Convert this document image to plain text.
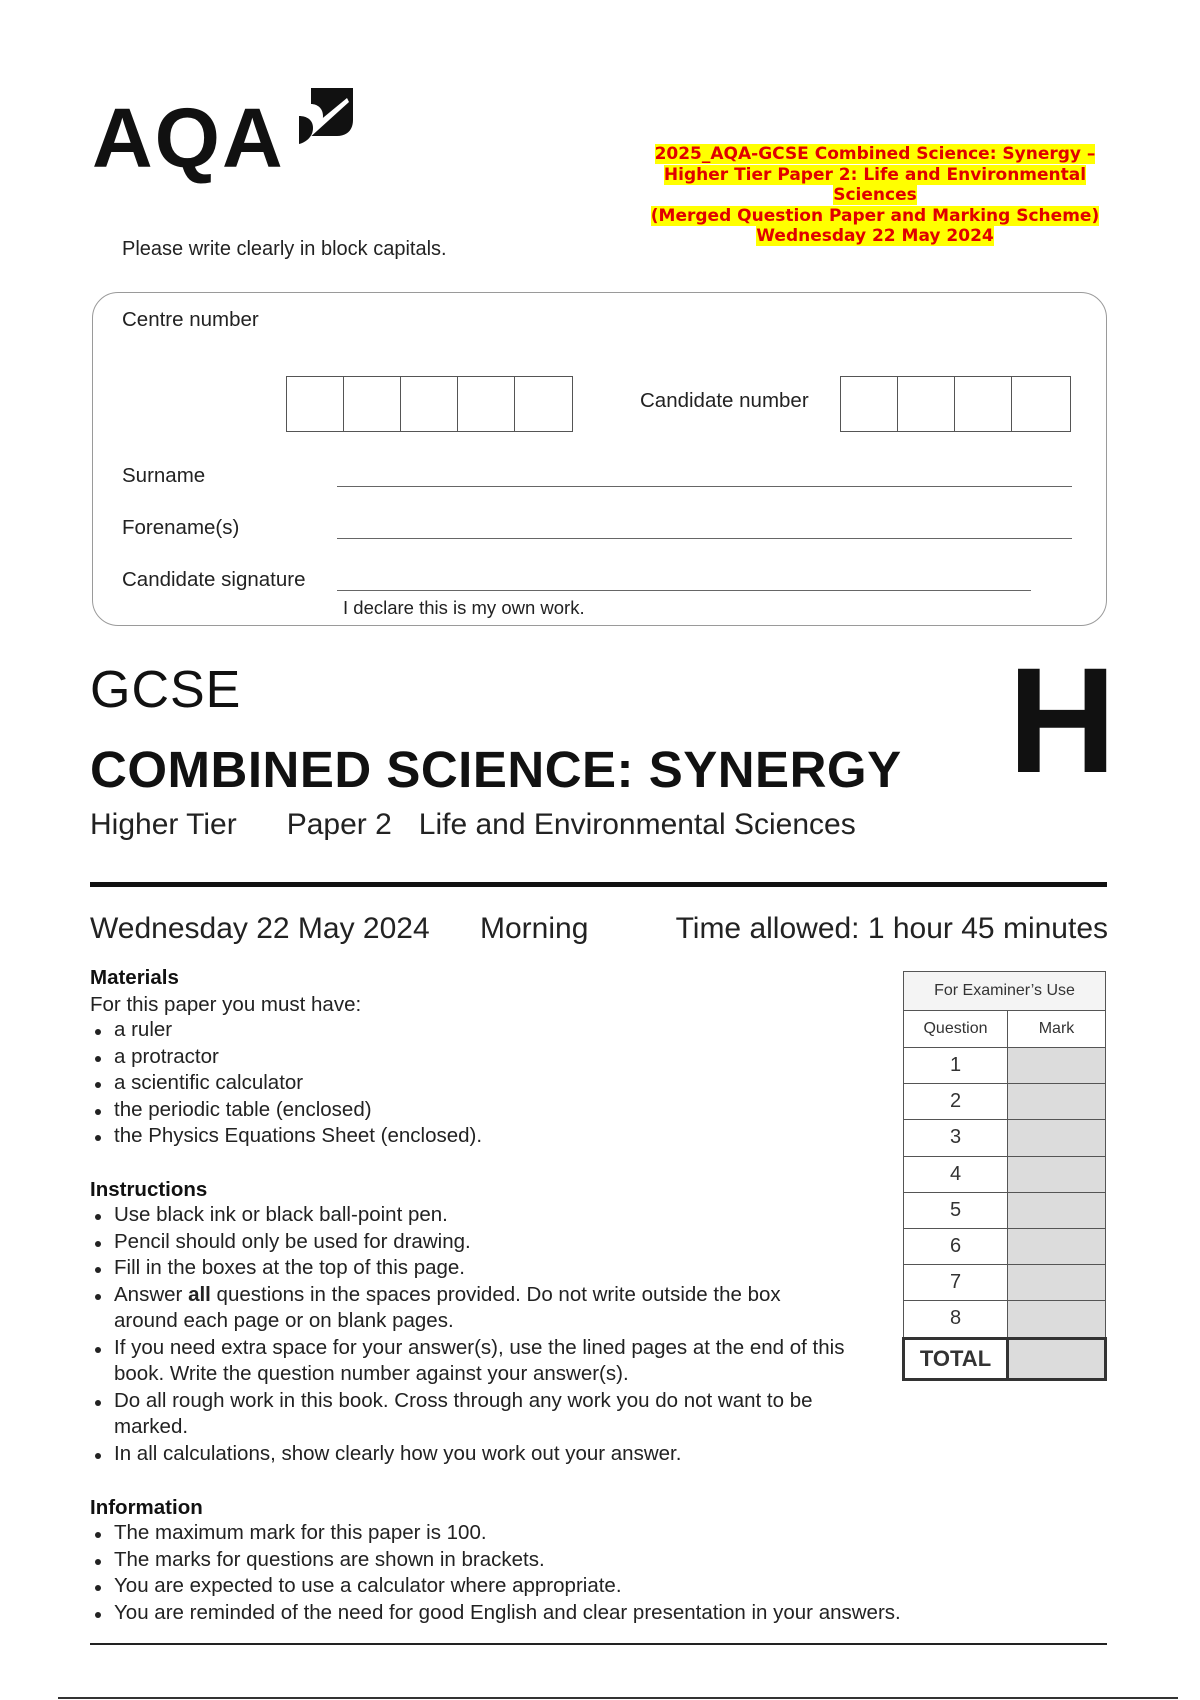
AQA	2025_AQA-GCSE Combined Science: Synergy –
Higher Tier Paper 2: Life and Environmental
Sciences
(Merged Question Paper and Marking Scheme)
Wednesday 22 May 2024
Please write clearly in block capitals.
Centre number
Candidate number
Surname
Forename(s)
Candidate signature
I declare this is my own work.
GCSE
COMBINED SCIENCE: SYNERGY H
Higher Tier Paper 2 Life and Environmental Sciences
Wednesday 22 May 2024 Morning	Time allowed: 1 hour 45 minutes
Materials
For this paper you must have:
a ruler
a protractor
a scientific calculator
the periodic table (enclosed)
the Physics Equations Sheet (enclosed).
Instructions
Use black ink or black ball-point pen.
Pencil should only be used for drawing.
Fill in the boxes at the top of this page.
Answer all questions in the spaces provided. Do not write outside the box around each page or on blank pages.
If you need extra space for your answer(s), use the lined pages at the end of this book. Write the question number against your answer(s).
Do all rough work in this book. Cross through any work you do not want to be marked.
In all calculations, show clearly how you work out your answer.
Information
The maximum mark for this paper is 100.
The marks for questions are shown in brackets.
You are expected to use a calculator where appropriate.
You are reminded of the need for good English and clear presentation in your answers.
For Examiner’s Use	
Question	Mark
1	
2	
3	
4	
5	
6	
7	
8	
TOTAL	
